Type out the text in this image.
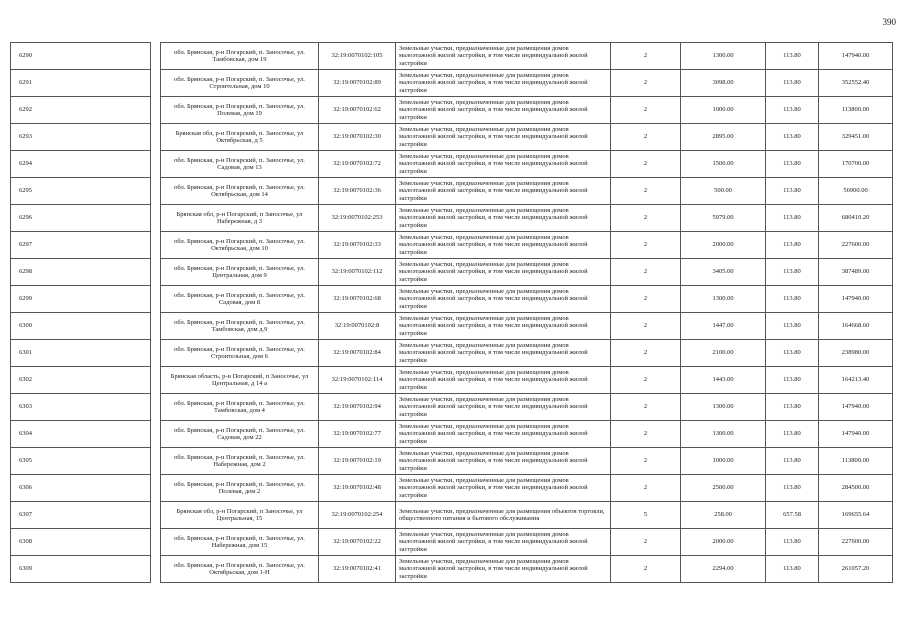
390
6290		обл. Брянская, р-н Погарский, п. Заносочье, ул. Тамбовская, дом 19	32:19:0070102:105	Земельные участки, предназначенные для размещения домов малоэтажной жилой застройки, в том числе индивидуальной жилой застройки	2	1300.00	113.80	147940.00
6291		обл. Брянская, р-н Погарский, п. Заносочье, ул. Строительная, дом 10	32:19:0070102:89	Земельные участки, предназначенные для размещения домов малоэтажной жилой застройки, в том числе индивидуальной жилой застройки	2	3098.00	113.80	352552.40
6292		обл. Брянская, р-н Погарский, п. Заносочье, ул. Полевая, дом 19	32:19:0070102:62	Земельные участки, предназначенные для размещения домов малоэтажной жилой застройки, в том числе индивидуальной жилой застройки	2	1000.00	113.80	113800.00
6293		Брянская обл, р-н Погарский, п. Заносочье, ул Октябрьская, д 5	32:19:0070102:30	Земельные участки, предназначенные для размещения домов малоэтажной жилой застройки, в том числе индивидуальной жилой застройки	2	2895.00	113.80	329451.00
6294		обл. Брянская, р-н Погарский, п. Заносочье, ул. Садовая, дом 13	32:19:0070102:72	Земельные участки, предназначенные для размещения домов малоэтажной жилой застройки, в том числе индивидуальной жилой застройки	2	1500.00	113.80	170700.00
6295		обл. Брянская, р-н Погарский, п. Заносочье, ул. Октябрьская, дом 14	32:19:0070102:36	Земельные участки, предназначенные для размещения домов малоэтажной жилой застройки, в том числе индивидуальной жилой застройки	2	500.00	113.80	56900.00
6296		Брянская обл, р-н Погарский, п Заносочье, ул Набережная, д 3	32:19:0070102:253	Земельные участки, предназначенные для размещения домов малоэтажной жилой застройки, в том числе индивидуальной жилой застройки	2	5979.00	113.80	680410.20
6297		обл. Брянская, р-н Погарский, п. Заносочье, ул. Октябрьская, дом 10	32:19:0070102:33	Земельные участки, предназначенные для размещения домов малоэтажной жилой застройки, в том числе индивидуальной жилой застройки	2	2000.00	113.80	227600.00
6298		обл. Брянская, р-н Погарский, п. Заносочье, ул. Центральная, дом 9	32:19:0070102:112	Земельные участки, предназначенные для размещения домов малоэтажной жилой застройки, в том числе индивидуальной жилой застройки	2	3405.00	113.80	387489.00
6299		обл. Брянская, р-н Погарский, п. Заносочье, ул. Садовая, дом 8	32:19:0070102:68	Земельные участки, предназначенные для размещения домов малоэтажной жилой застройки, в том числе индивидуальной жилой застройки	2	1300.00	113.80	147940.00
6300		обл. Брянская, р-н Погарский, п. Заносочье, ул. Тамбовская, дом д.9	32:19:0070102:8	Земельные участки, предназначенные для размещения домов малоэтажной жилой застройки, в том числе индивидуальной жилой застройки	2	1447.00	113.80	164668.60
6301		обл. Брянская, р-н Погарский, п. Заносочье, ул. Строительная, дом 6	32:19:0070102:84	Земельные участки, предназначенные для размещения домов малоэтажной жилой застройки, в том числе индивидуальной жилой застройки	2	2100.00	113.80	238980.00
6302		Брянская область, р-н Погарский, п Заносочье, ул Центральная, д 14 а	32:19:0070102:114	Земельные участки, предназначенные для размещения домов малоэтажной жилой застройки, в том числе индивидуальной жилой застройки	2	1443.00	113.80	164213.40
6303		обл. Брянская, р-н Погарский, п. Заносочье, ул. Тамбовская, дом 4	32:19:0070102:94	Земельные участки, предназначенные для размещения домов малоэтажной жилой застройки, в том числе индивидуальной жилой застройки	2	1300.00	113.80	147940.00
6304		обл. Брянская, р-н Погарский, п. Заносочье, ул. Садовая, дом 22	32:19:0070102:77	Земельные участки, предназначенные для размещения домов малоэтажной жилой застройки, в том числе индивидуальной жилой застройки	2	1300.00	113.80	147940.00
6305		обл. Брянская, р-н Погарский, п. Заносочье, ул. Набережная, дом 2	32:19:0070102:19	Земельные участки, предназначенные для размещения домов малоэтажной жилой застройки, в том числе индивидуальной жилой застройки	2	1000.00	113.80	113800.00
6306		обл. Брянская, р-н Погарский, п. Заносочье, ул. Полевая, дом 2	32:19:0070102:48	Земельные участки, предназначенные для размещения домов малоэтажной жилой застройки, в том числе индивидуальной жилой застройки	2	2500.00	113.80	284500.00
6307		Брянская обл, р-н Погарский, п Заносочье, ул Центральная, 15	32:19:0070102:254	Земельные участки, предназначенные для размещения объектов торговли, общественного питания и бытового обслуживания	5	258.00	657.58	169655.64
6308		обл. Брянская, р-н Погарский, п. Заносочье, ул. Набережная, дом 15	32:19:0070102:22	Земельные участки, предназначенные для размещения домов малоэтажной жилой застройки, в том числе индивидуальной жилой застройки	2	2000.00	113.80	227600.00
6309		обл. Брянская, р-н Погарский, п. Заносочье, ул. Октябрьская, дом 1-Н	32:19:0070102:41	Земельные участки, предназначенные для размещения домов малоэтажной жилой застройки, в том числе индивидуальной жилой застройки	2	2294.00	113.80	261057.20
